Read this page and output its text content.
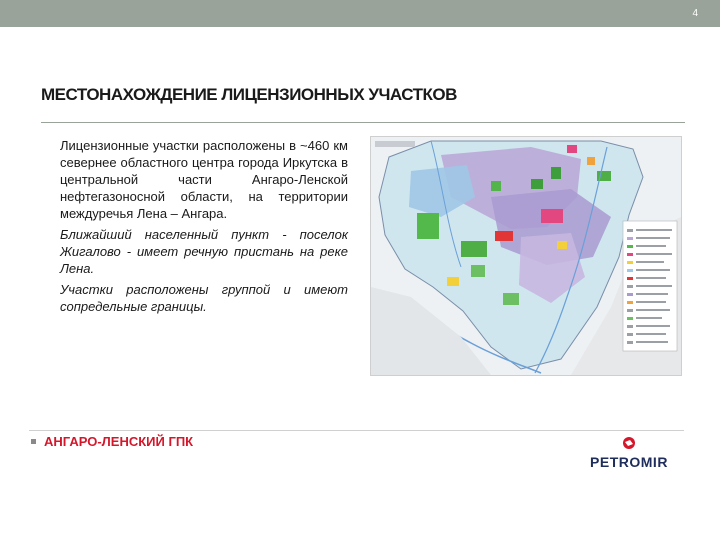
4
МЕСТОНАХОЖДЕНИЕ ЛИЦЕНЗИОННЫХ УЧАСТКОВ

Лицензионные участки расположены в ~460 км севернее областного центра города Иркутска в центральной части Ангаро-Ленской нефтегазоносной области, на территории междуречья Лена – Ангара.

Ближайший населенный пункт - поселок Жигалово - имеет речную пристань на реке Лена.

Участки расположены группой и имеют сопредельные границы.

АНГАРО-ЛЕНСКИЙ ГПК
PETROMIR
